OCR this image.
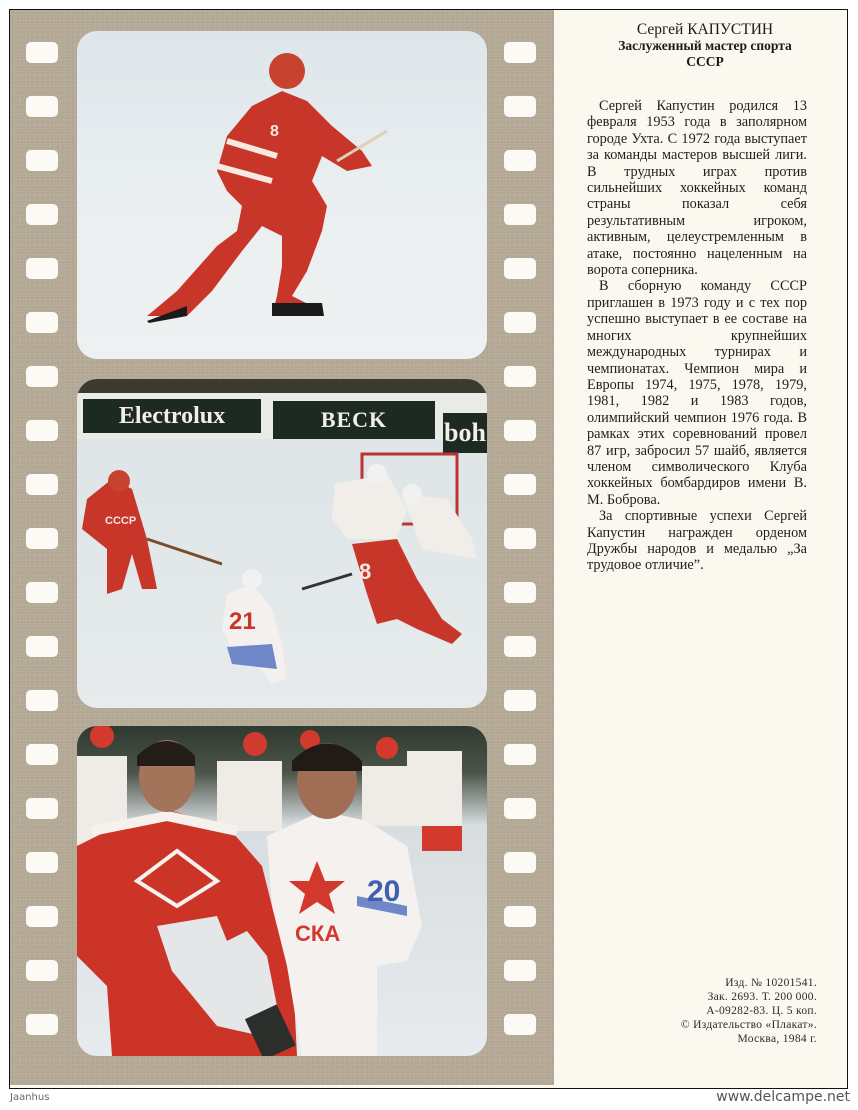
8
Electrolux	BECK	boh
СССР
21
8
20
СКА
Сергей КАПУСТИН
Заслуженный мастер спорта
СССР

Сергей Капустин родился 13 февраля 1953 года в заполярном городе Ухта. С 1972 года выступает за команды мастеров высшей лиги. В трудных играх против сильнейших хоккейных команд страны показал себя результативным игроком, активным, целеустремленным в атаке, постоянно нацеленным на ворота соперника.

В сборную команду СССР приглашен в 1973 году и с тех пор успешно выступает в ее составе на многих крупнейших международных турнирах и чемпионатах. Чемпион мира и Европы 1974, 1975, 1978, 1979, 1981, 1982 и 1983 годов, олимпийский чемпион 1976 года. В рамках этих соревнований провел 87 игр, забросил 57 шайб, является членом символического Клуба хоккейных бомбардиров имени В. М. Боброва.

За спортивные успехи Сергей Капустин награжден орденом Дружбы народов и медалью „За трудовое отличие”.

Изд. № 10201541.
Зак. 2693. Т. 200 000.
А-09282-83. Ц. 5 коп.
© Издательство «Плакат».
Москва, 1984 г.
Jaanhus	www.delcampe.net
